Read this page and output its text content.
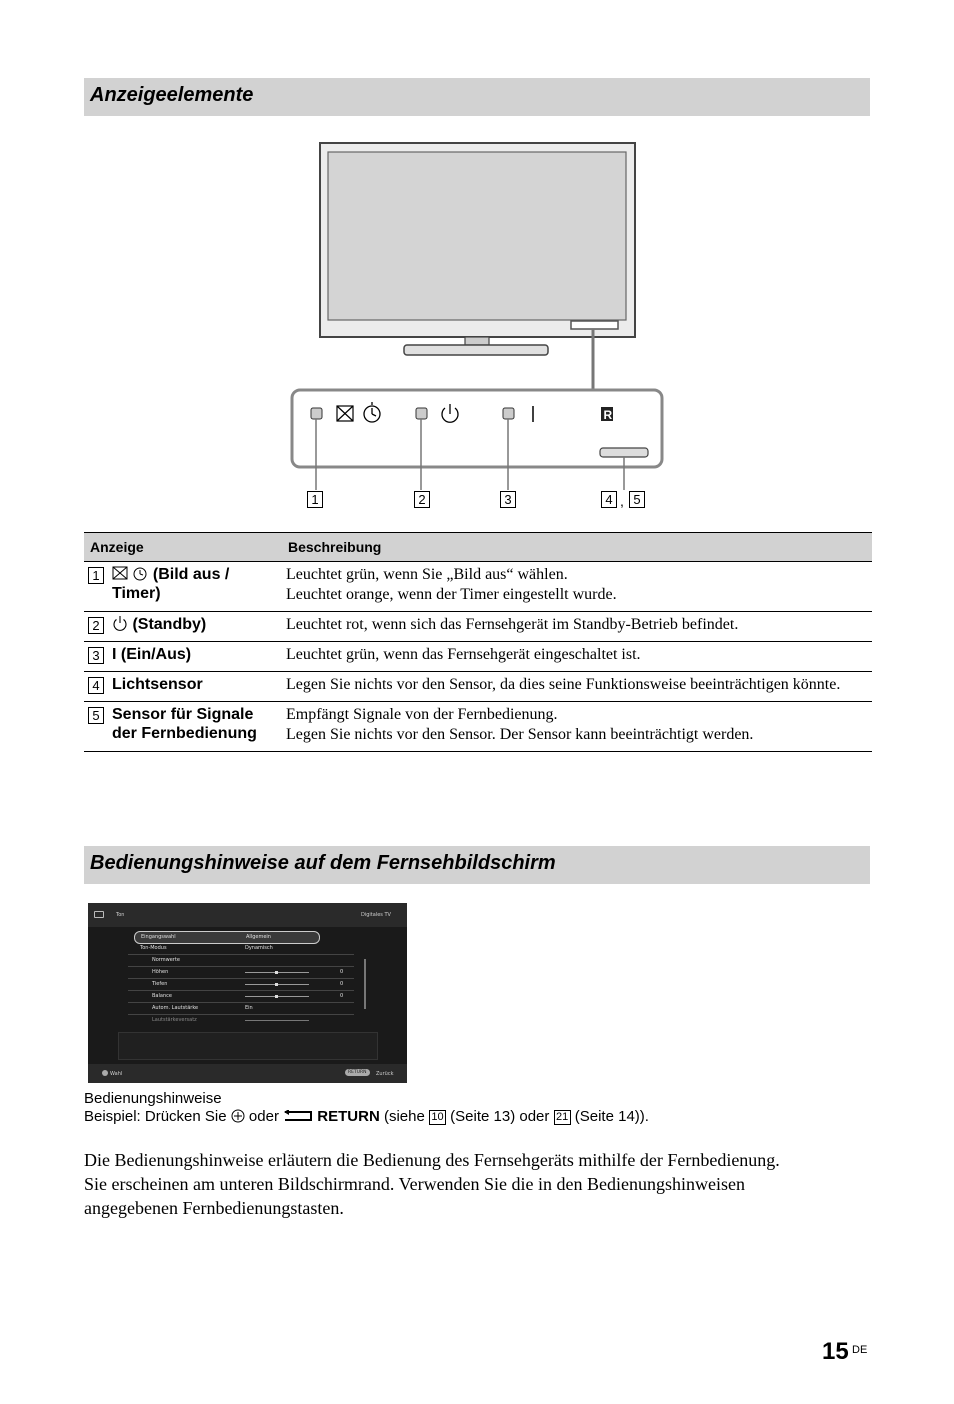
Anzeigeelemente
R
1	2	3	4 , 5
Anzeige	Beschreibung

1 (Bild aus / Timer)	Leuchtet grün, wenn Sie „Bild aus“ wählen.
Leuchtet orange, wenn der Timer eingestellt wurde.

2 (Standby)	Leuchtet rot, wenn sich das Fernsehgerät im Standby-Betrieb befindet.

3 I (Ein/Aus)	Leuchtet grün, wenn das Fernsehgerät eingeschaltet ist.

4 Lichtsensor	Legen Sie nichts vor den Sensor, da dies seine Funktionsweise beeinträchtigen könnte.

5 Sensor für Signale der Fernbedienung	Empfängt Signale von der Fernbedienung.
Legen Sie nichts vor den Sensor. Der Sensor kann beeinträchtigt werden.
Bedienungshinweise auf dem Fernsehbildschirm
Ton	Digitales TV
Eingangswahl	Allgemein
Ton-Modus	Dynamisch
Normwerte
Höhen	0
Tiefen	0
Balance	0
Autom. Lautstärke	Ein
Lautstärkeversatz
Wahl	RETURN	Zurück
Bedienungshinweise
Beispiel: Drücken Sie oder	RETURN (siehe 10 (Seite 13) oder 21 (Seite 14)).
Die Bedienungshinweise erläutern die Bedienung des Fernsehgeräts mithilfe der Fernbedienung.
Sie erscheinen am unteren Bildschirmrand. Verwenden Sie die in den Bedienungshinweisen
angegebenen Fernbedienungstasten.
15 DE
